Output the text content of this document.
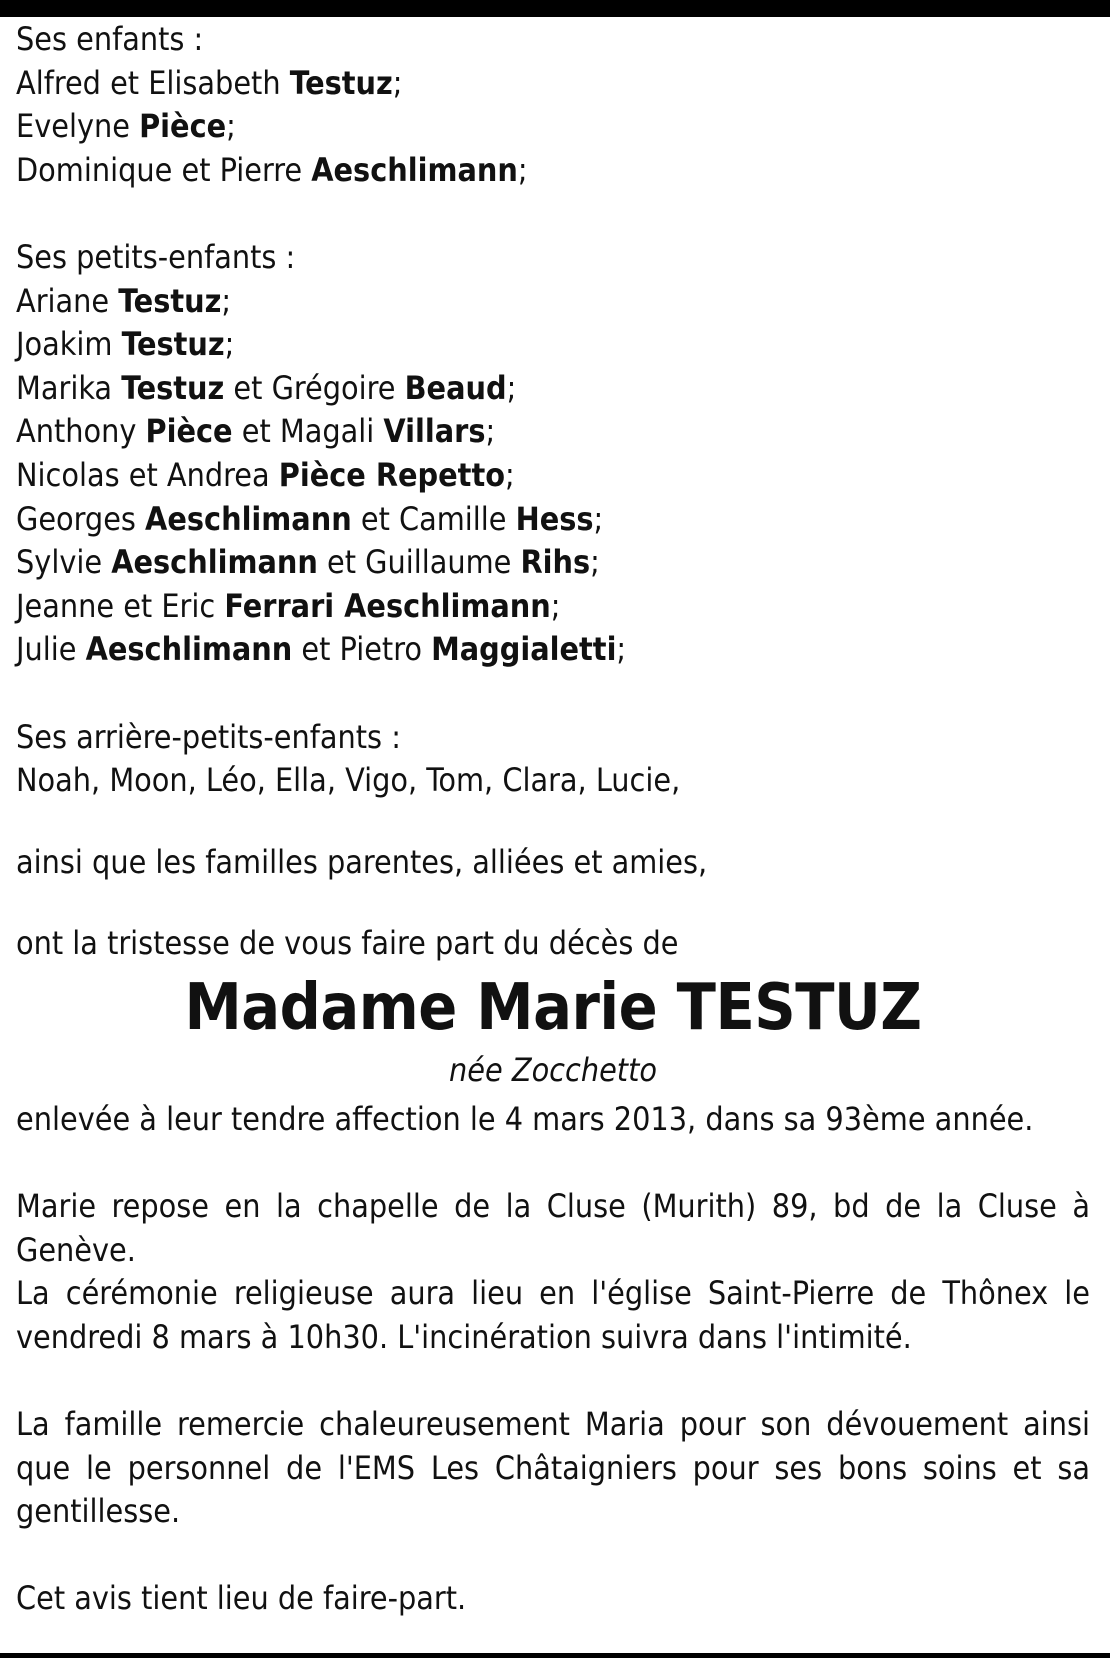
Ses enfants :
Alfred et Elisabeth Testuz;
Evelyne Pièce;
Dominique et Pierre Aeschlimann;
Ses petits-enfants :
Ariane Testuz;
Joakim Testuz;
Marika Testuz et Grégoire Beaud;
Anthony Pièce et Magali Villars;
Nicolas et Andrea Pièce Repetto;
Georges Aeschlimann et Camille Hess;
Sylvie Aeschlimann et Guillaume Rihs;
Jeanne et Eric Ferrari Aeschlimann;
Julie Aeschlimann et Pietro Maggialetti;
Ses arrière-petits-enfants :
Noah, Moon, Léo, Ella, Vigo, Tom, Clara, Lucie,
ainsi que les familles parentes, alliées et amies,
ont la tristesse de vous faire part du décès de
Madame Marie TESTUZ
née Zocchetto
enlevée à leur tendre affection le 4 mars 2013, dans sa 93ème année.
Marie repose en la chapelle de la Cluse (Murith) 89, bd de la Cluse à Genève.
La cérémonie religieuse aura lieu en l'église Saint-Pierre de Thônex le vendredi 8 mars à 10h30. L'incinération suivra dans l'intimité.
La famille remercie chaleureusement Maria pour son dévouement ainsi que le personnel de l'EMS Les Châtaigniers pour ses bons soins et sa gentillesse.
Cet avis tient lieu de faire-part.
